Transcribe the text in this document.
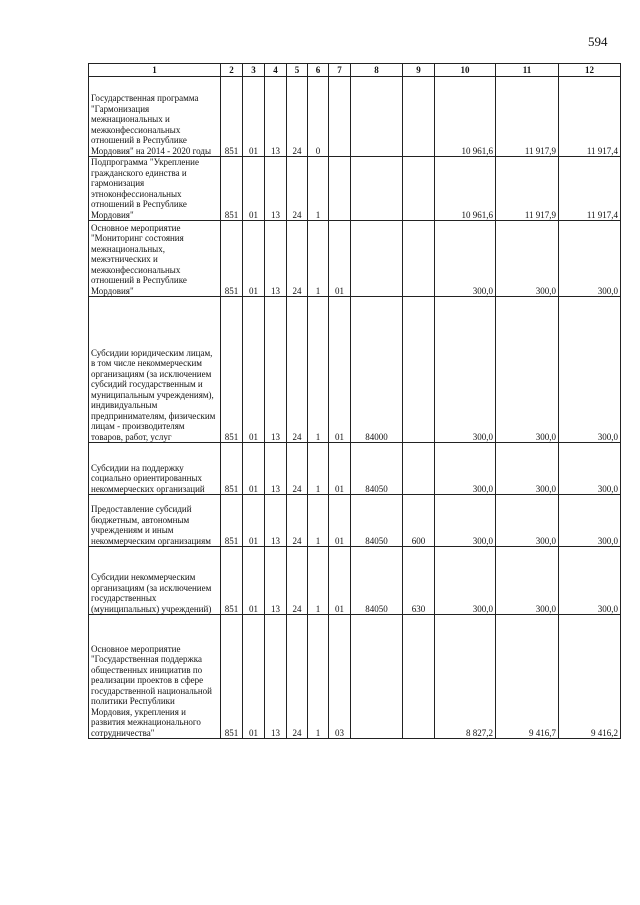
594
1	2	3	4	5	6	7	8	9	10	11	12
Государственная программа "Гармонизация межнациональных и межконфессиональных отношений в Республике Мордовия" на 2014 - 2020 годы	851	01	13	24	0				10 961,6	11 917,9	11 917,4
Подпрограмма "Укрепление гражданского единства и гармонизация этноконфессиональных отношений в Республике Мордовия"	851	01	13	24	1				10 961,6	11 917,9	11 917,4
Основное мероприятие "Мониторинг состояния межнациональных, межэтнических и межконфессиональных отношений в Республике Мордовия"	851	01	13	24	1	01			300,0	300,0	300,0
Субсидии юридическим лицам, в том числе некоммерческим организациям (за исключением субсидий государственным и муниципальным учреждениям), индивидуальным предпринимателям, физическим лицам - производителям товаров, работ, услуг	851	01	13	24	1	01	84000		300,0	300,0	300,0
Субсидии на поддержку социально ориентированных некоммерческих организаций	851	01	13	24	1	01	84050		300,0	300,0	300,0
Предоставление субсидий бюджетным, автономным учреждениям и иным некоммерческим организациям	851	01	13	24	1	01	84050	600	300,0	300,0	300,0
Субсидии некоммерческим организациям (за исключением государственных (муниципальных) учреждений)	851	01	13	24	1	01	84050	630	300,0	300,0	300,0
Основное мероприятие "Государственная поддержка общественных инициатив по реализации проектов в сфере государственной национальной политики Республики Мордовия, укрепления и развития межнационального сотрудничества"	851	01	13	24	1	03			8 827,2	9 416,7	9 416,2
